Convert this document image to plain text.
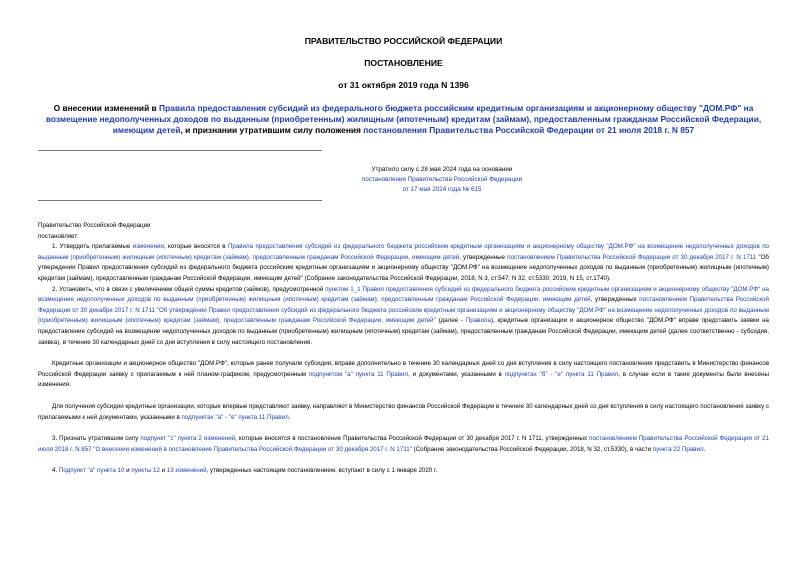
ПРАВИТЕЛЬСТВО РОССИЙСКОЙ ФЕДЕРАЦИИ
ПОСТАНОВЛЕНИЕ
от 31 октября 2019 года N 1396
О внесении изменений в Правила предоставления субсидий из федерального бюджета российским кредитным организациям и акционерному обществу "ДОМ.РФ" на возмещение недополученных доходов по выданным (приобретенным) жилищным (ипотечным) кредитам (займам), предоставленным гражданам Российской Федерации, имеющим детей, и признании утратившим силу положения постановления Правительства Российской Федерации от 21 июля 2018 г. N 857
Утратило силу с 28 мая 2024 года на основании
постановления Правительства Российской Федерации
от 17 мая 2024 года № 615

Правительство Российской Федерации

постановляет:

1. Утвердить прилагаемые изменения, которые вносятся в Правила предоставления субсидий из федерального бюджета российским кредитным организациям и акционерному обществу "ДОМ.РФ" на возмещение недополученных доходов по выданным (приобретенным) жилищным (ипотечным) кредитам (займам), предоставленным гражданам Российской Федерации, имеющим детей, утвержденные постановлением Правительства Российской Федерации от 30 декабря 2017 г. N 1711 "Об утверждении Правил предоставления субсидий из федерального бюджета российским кредитным организациям и акционерному обществу "ДОМ.РФ" на возмещение недополученных доходов по выданным (приобретенным) жилищным (ипотечным) кредитам (займам), предоставленным гражданам Российской Федерации, имеющим детей" (Собрание законодательства Российской Федерации, 2018, N 3, ст.547; N 32, ст.5330; 2019, N 15, ст.1740).

2. Установить, что в связи с увеличением общей суммы кредитов (займов), предусмотренной пунктом 1_1 Правил предоставления субсидий из федерального бюджета российским кредитным организациям и акционерному обществу "ДОМ.РФ" на возмещение недополученных доходов по выданным (приобретенным) жилищным (ипотечным) кредитам (займам), предоставленным гражданам Российской Федерации, имеющим детей, утвержденных постановлением Правительства Российской Федерации от 30 декабря 2017 г. N 1711 "Об утверждении Правил предоставления субсидий из федерального бюджета российским кредитным организациям и акционерному обществу "ДОМ.РФ" на возмещение недополученных доходов по выданным (приобретенным) жилищным (ипотечным) кредитам (займам), предоставленным гражданам Российской Федерации, имеющим детей" (далее - Правила), кредитные организации и акционерное общество "ДОМ.РФ" вправе представить заявки на предоставление субсидий на возмещение недополученных доходов по выданным (приобретенным) жилищным (ипотечным) кредитам (займам), предоставленным гражданам Российской Федерации, имеющим детей (далее соответственно - субсидия, заявка), в течение 30 календарных дней со дня вступления в силу настоящего постановления.

Кредитные организации и акционерное общество "ДОМ.РФ", которые ранее получали субсидии, вправе дополнительно в течение 30 календарных дней со дня вступления в силу настоящего постановления представить в Министерство финансов Российской Федерации заявку с прилагаемым к ней планом-графиком, предусмотренным подпунктом "а" пункта 11 Правил, и документами, указанными в подпунктах "б" - "е" пункта 11 Правил, в случае если в такие документы были внесены изменения.

Для получения субсидии кредитные организации, которые впервые представляют заявку, направляют в Министерство финансов Российской Федерации в течение 30 календарных дней со дня вступления в силу настоящего постановления заявку с прилагаемыми к ней документами, указанными в подпунктах "а" - "е" пункта 11 Правил.

3. Признать утратившим силу подпункт "с" пункта 2 изменений, которые вносятся в постановление Правительства Российской Федерации от 30 декабря 2017 г. N 1711, утвержденных постановлением Правительства Российской Федерации от 21 июля 2018 г. N 857 "О внесении изменений в постановление Правительства Российской Федерации от 30 декабря 2017 г. N 1711" (Собрание законодательства Российской Федерации, 2018, N 32, ст.5330), в части пункта 22 Правил.

4. Подпункт "а" пункта 10 и пункты 12 и 13 изменений, утвержденных настоящим постановлением, вступают в силу с 1 января 2020 г.
